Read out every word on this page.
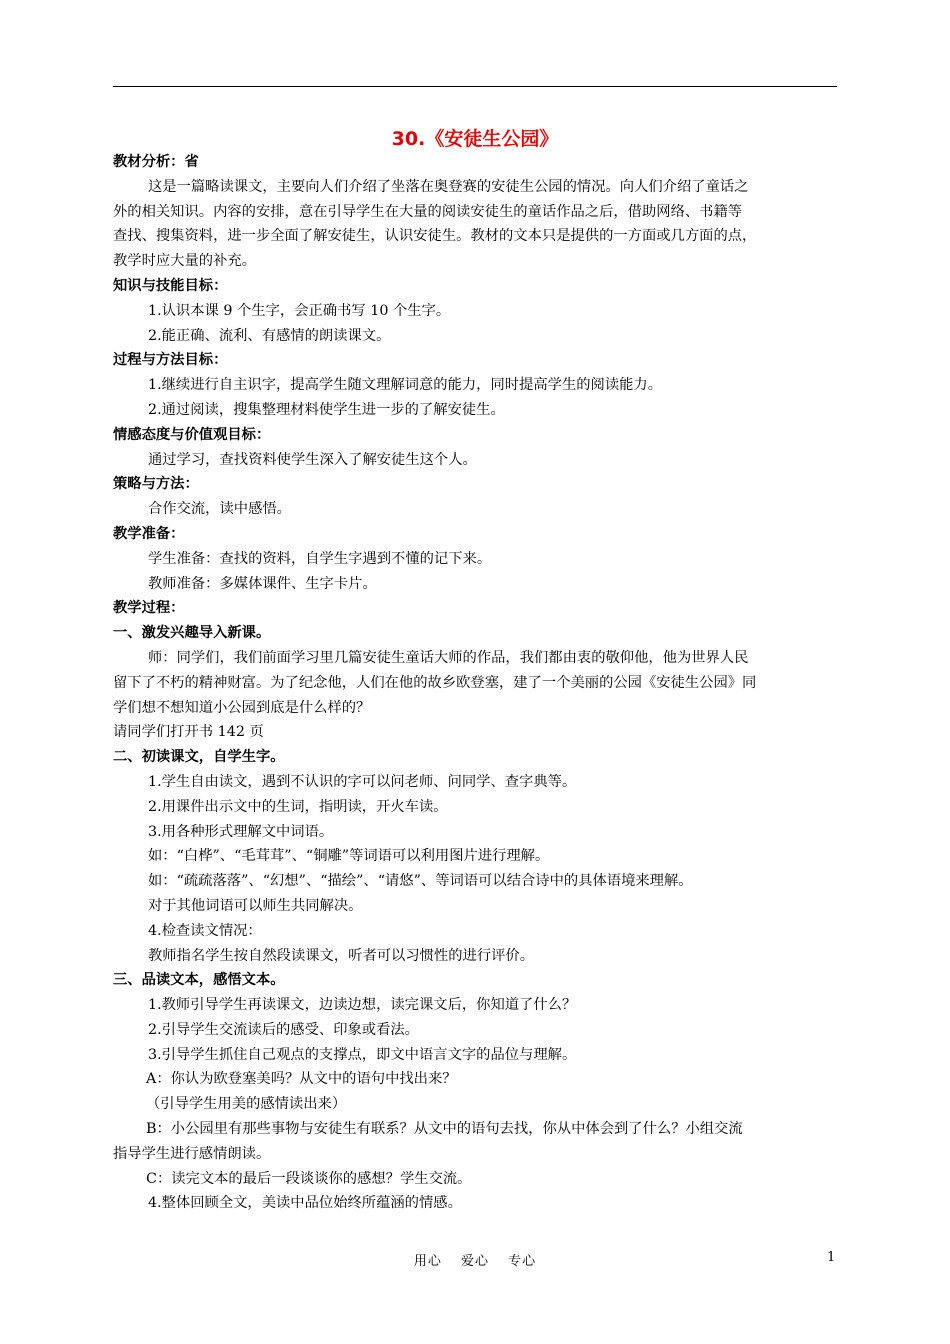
30.《安徒生公园》
教材分析：省
这是一篇略读课文，主要向人们介绍了坐落在奥登赛的安徒生公园的情况。向人们介绍了童话之
外的相关知识。内容的安排，意在引导学生在大量的阅读安徒生的童话作品之后，借助网络、书籍等
查找、搜集资料，进一步全面了解安徒生，认识安徒生。教材的文本只是提供的一方面或几方面的点，
教学时应大量的补充。
知识与技能目标：
1.认识本课 9 个生字，会正确书写 10 个生字。
2.能正确、流利、有感情的朗读课文。
过程与方法目标：
1.继续进行自主识字，提高学生随文理解词意的能力，同时提高学生的阅读能力。
2.通过阅读，搜集整理材料使学生进一步的了解安徒生。
情感态度与价值观目标：
通过学习，查找资料使学生深入了解安徒生这个人。
策略与方法：
合作交流，读中感悟。
教学准备：
学生准备：查找的资料，自学生字遇到不懂的记下来。
教师准备：多媒体课件、生字卡片。
教学过程：
一、激发兴趣导入新课。
师：同学们，我们前面学习里几篇安徒生童话大师的作品，我们都由衷的敬仰他，他为世界人民
留下了不朽的精神财富。为了纪念他，人们在他的故乡欧登塞，建了一个美丽的公园《安徒生公园》同
学们想不想知道小公园到底是什么样的？
请同学们打开书 142 页
二、初读课文，自学生字。
1.学生自由读文，遇到不认识的字可以问老师、问同学、查字典等。
2.用课件出示文中的生词，指明读，开火车读。
3.用各种形式理解文中词语。
如：“白桦”、“毛茸茸”、“铜雕”等词语可以利用图片进行理解。
如：“疏疏落落”、“幻想”、“描绘”、“请悠”、等词语可以结合诗中的具体语境来理解。
对于其他词语可以师生共同解决。
4.检查读文情况：
教师指名学生按自然段读课文，听者可以习惯性的进行评价。
三、品读文本，感悟文本。
1.教师引导学生再读课文，边读边想，读完课文后，你知道了什么？
2.引导学生交流读后的感受、印象或看法。
3.引导学生抓住自己观点的支撑点，即文中语言文字的品位与理解。
A：你认为欧登塞美吗？从文中的语句中找出来？
（引导学生用美的感情读出来）
B：小公园里有那些事物与安徒生有联系？从文中的语句去找，你从中体会到了什么？小组交流
指导学生进行感情朗读。
C：读完文本的最后一段谈谈你的感想？学生交流。
4.整体回顾全文，美读中品位始终所蕴涵的情感。
用心　 爱心　 专心	1
